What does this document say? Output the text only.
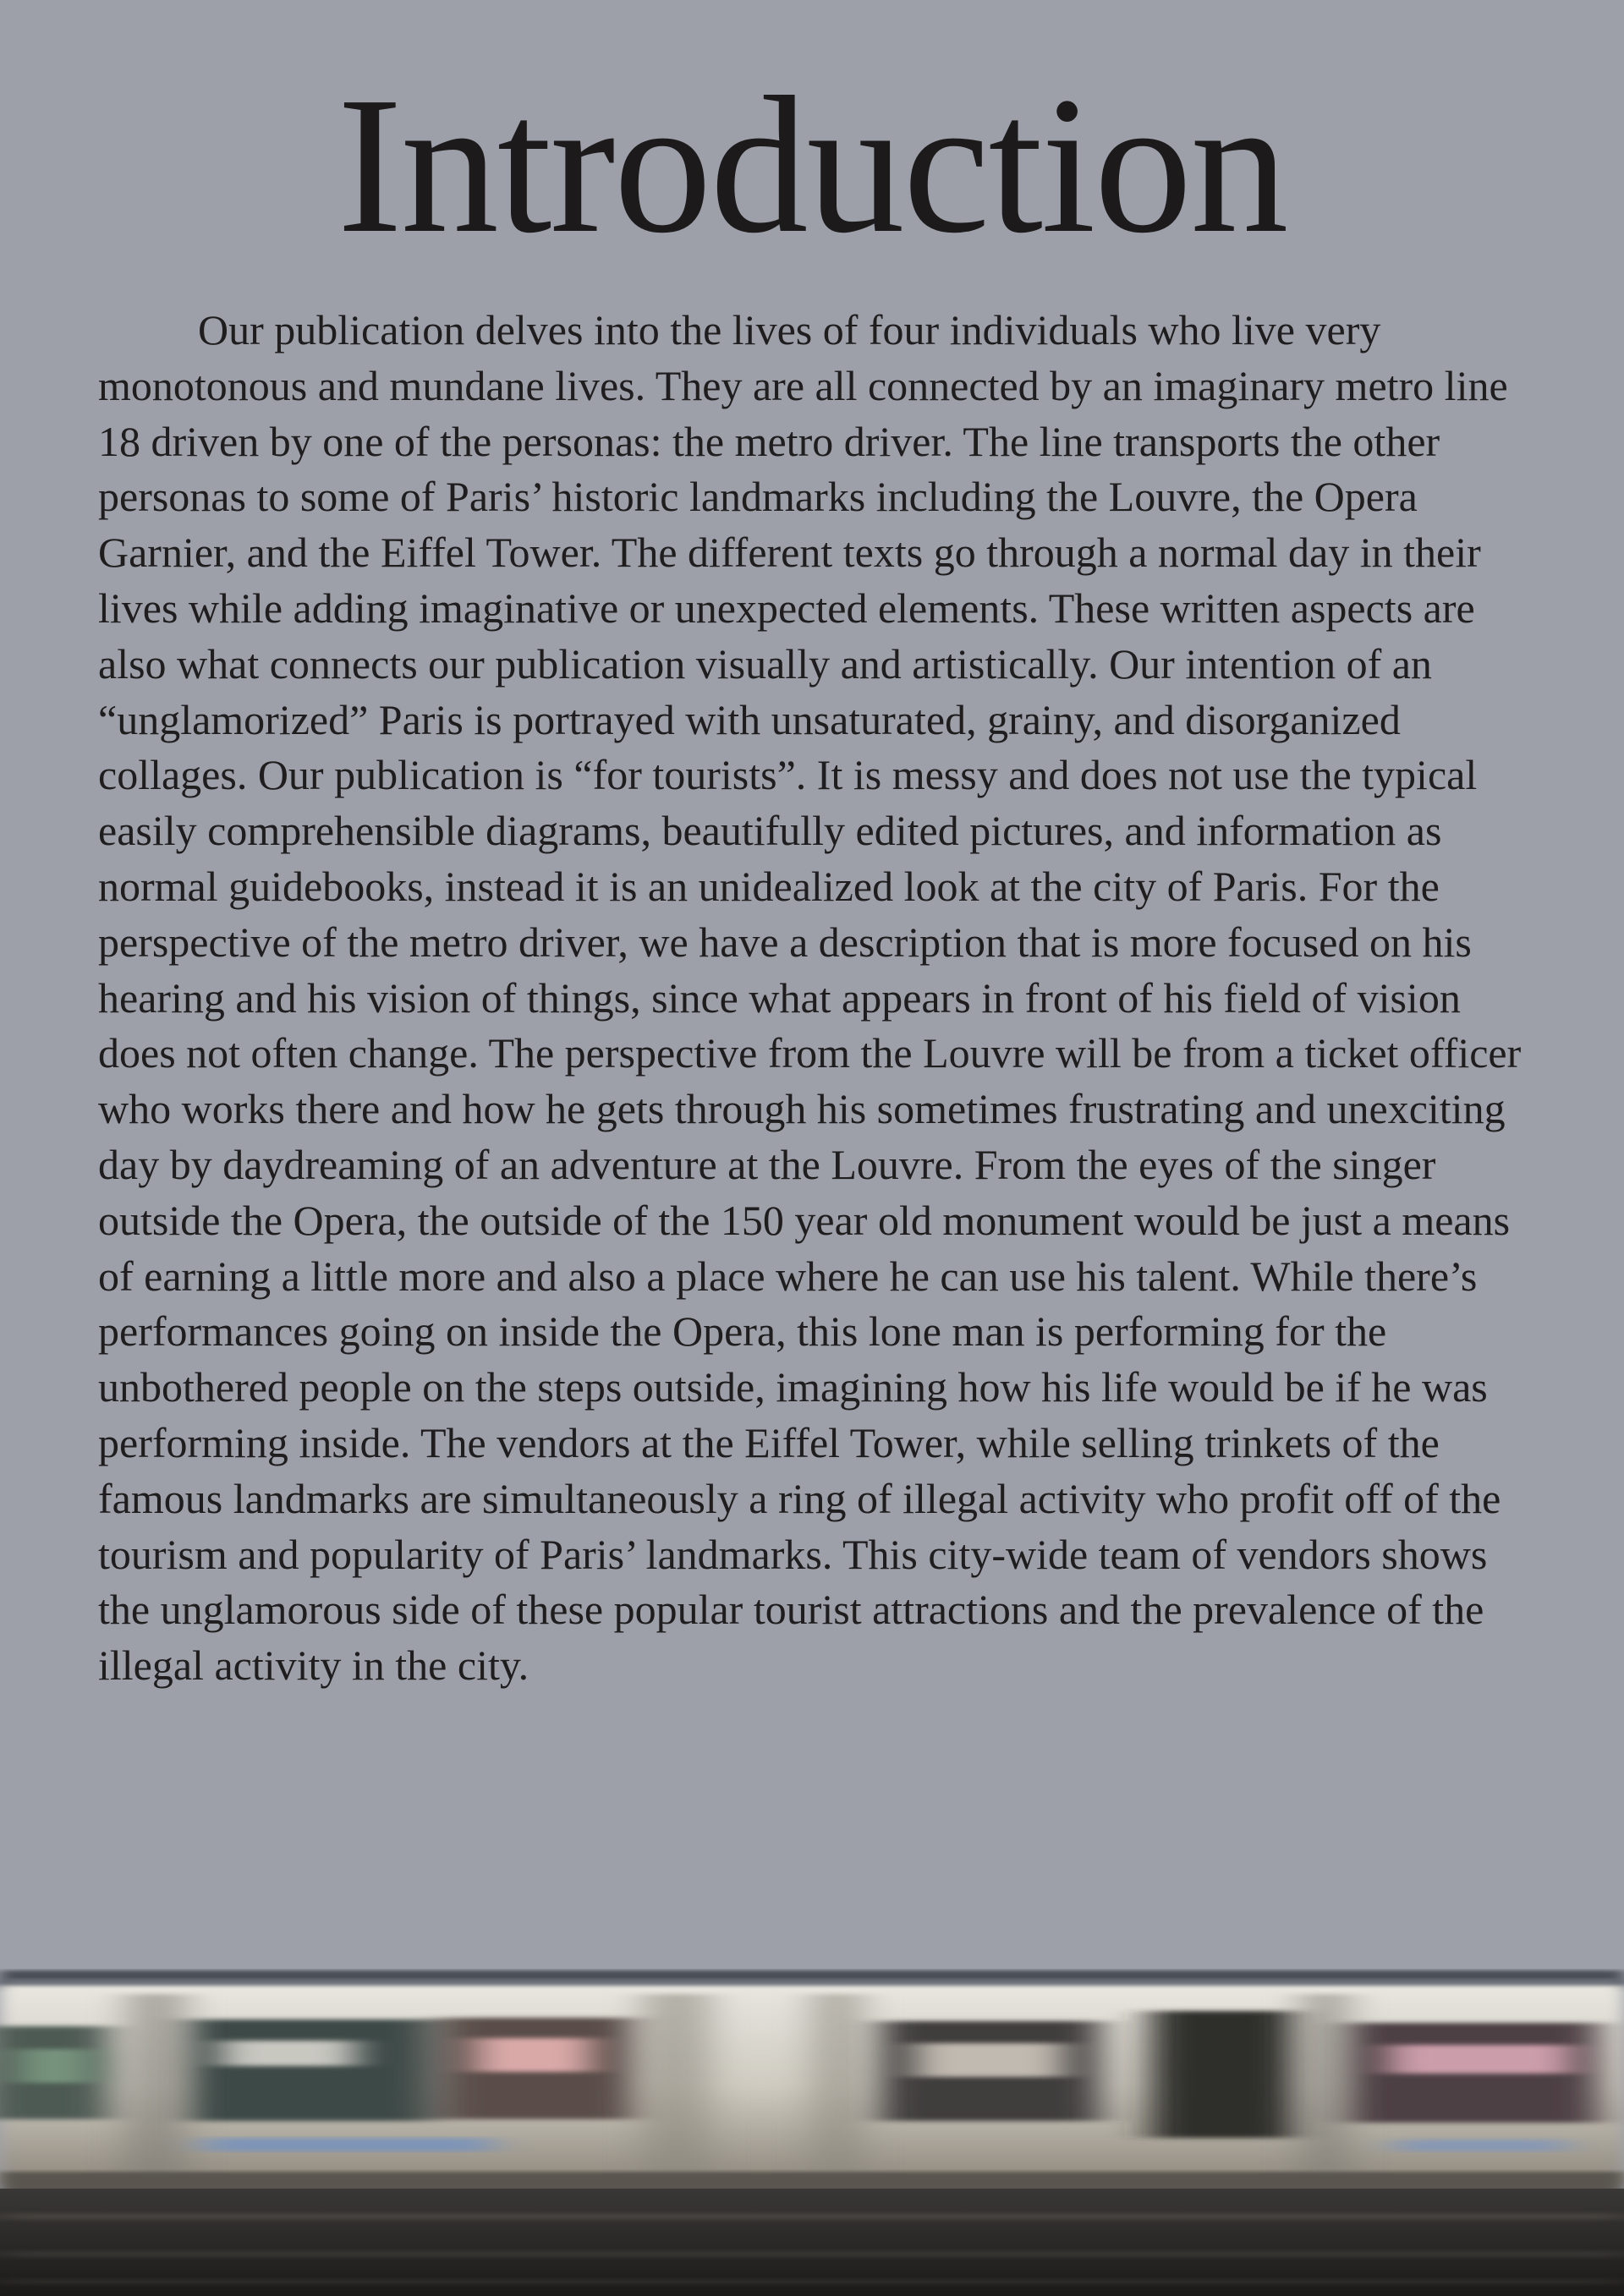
Introduction

Our publication delves into the lives of four individuals who live very monotonous and mundane lives. They are all connected by an imaginary metro line 18 driven by one of the personas: the metro driver. The line transports the other personas to some of Paris’ historic landmarks including the Louvre, the Opera Garnier, and the Eiffel Tower. The different texts go through a normal day in their lives while adding imaginative or unexpected elements. These written aspects are also what connects our publication visually and artistically. Our intention of an “unglamorized” Paris is portrayed with unsaturated, grainy, and disorganized collages. Our publication is “for tourists”. It is messy and does not use the typical easily comprehensible diagrams, beautifully edited pictures, and information as normal guidebooks, instead it is an unidealized look at the city of Paris. For the perspective of the metro driver, we have a description that is more focused on his hearing and his vision of things, since what appears in front of his field of vision does not often change. The perspective from the Louvre will be from a ticket officer who works there and how he gets through his sometimes frustrating and unexciting day by daydreaming of an adventure at the Louvre. From the eyes of the singer outside the Opera, the outside of the 150 year old monument would be just a means of earning a little more and also a place where he can use his talent. While there’s performances going on inside the Opera, this lone man is performing for the unbothered people on the steps outside, imagining how his life would be if he was performing inside. The vendors at the Eiffel Tower, while selling trinkets of the famous landmarks are simultaneously a ring of illegal activity who profit off of the tourism and popularity of Paris’ landmarks. This city-wide team of vendors shows the unglamorous side of these popular tourist attractions and the prevalence of the illegal activity in the city.
